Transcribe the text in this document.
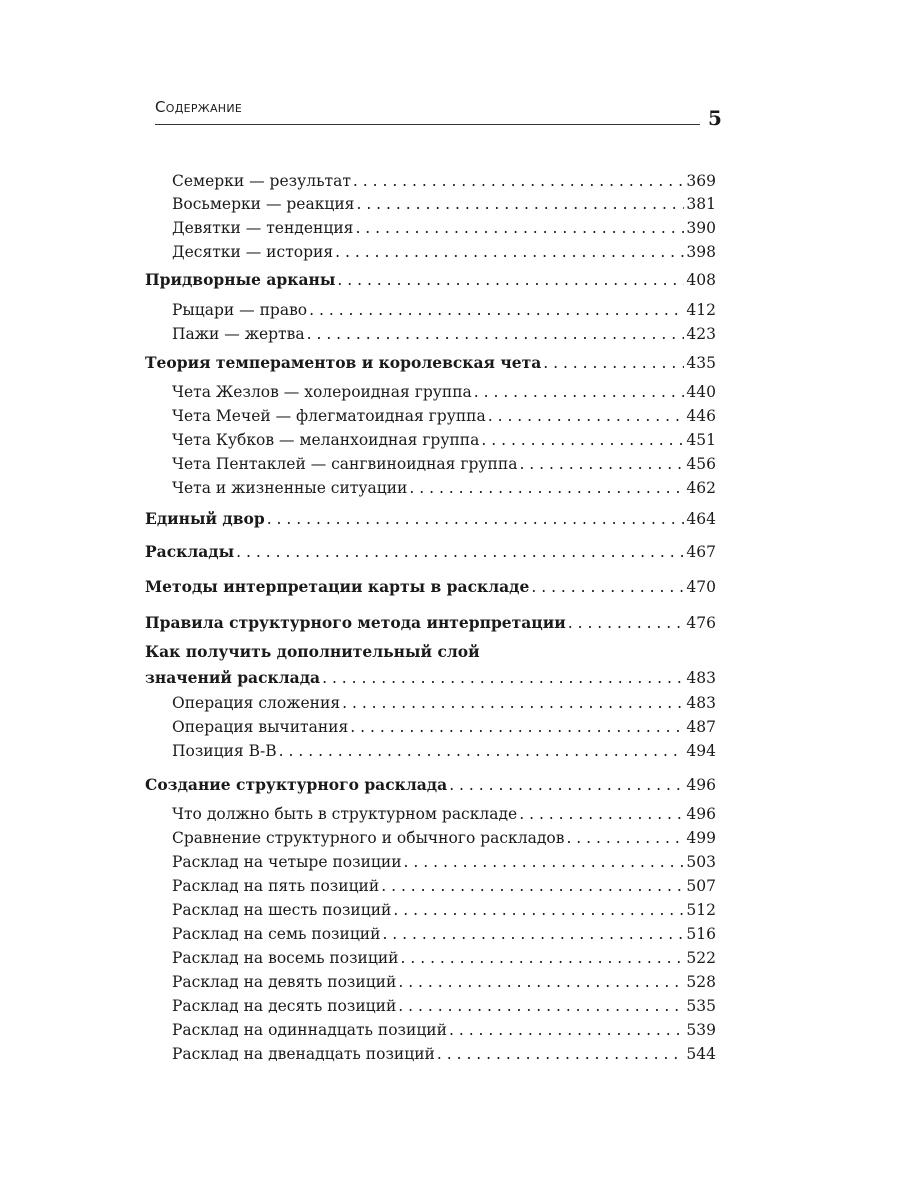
Содержание	5
Семерки — результат . . .	369
Восьмерки — реакция . . .	381
Девятки — тенденция . . .	390
Десятки — история . . .	398
Придворные арканы . . .	408
Рыцари — право . . .	412
Пажи — жертва . . .	423
Теория темпераментов и королевская чета . . .	435
Чета Жезлов — холероидная группа . . .	440
Чета Мечей — флегматоидная группа . . .	446
Чета Кубков — меланхоидная группа . . .	451
Чета Пентаклей — сангвиноидная группа . . .	456
Чета и жизненные ситуации . . .	462
Единый двор . . .	464
Расклады . . .	467
Методы интерпретации карты в раскладе . . .	470
Правила структурного метода интерпретации . . .	476
Как получить дополнительный слой
значений расклада . . .	483
Операция сложения . . .	483
Операция вычитания . . .	487
Позиция В-В . . .	494
Создание структурного расклада . . .	496
Что должно быть в структурном раскладе . . .	496
Сравнение структурного и обычного раскладов . . .	499
Расклад на четыре позиции . . .	503
Расклад на пять позиций . . .	507
Расклад на шесть позиций . . .	512
Расклад на семь позиций . . .	516
Расклад на восемь позиций . . .	522
Расклад на девять позиций . . .	528
Расклад на десять позиций . . .	535
Расклад на одиннадцать позиций . . .	539
Расклад на двенадцать позиций . . .	544
